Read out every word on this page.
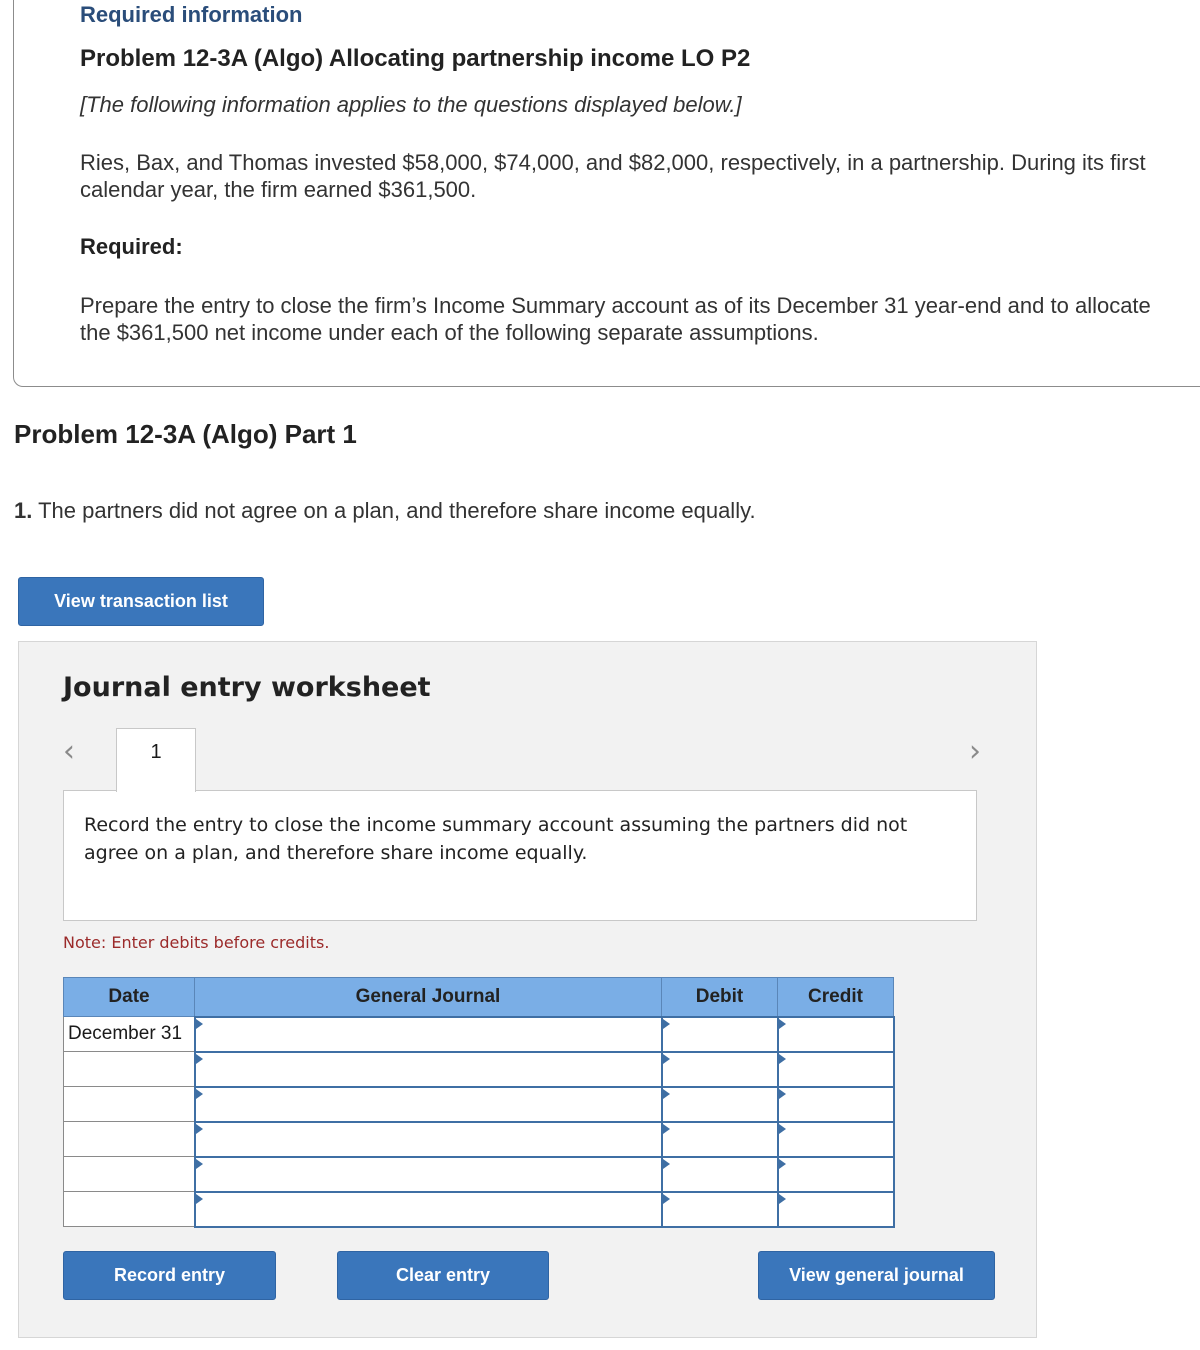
Required information
Problem 12-3A (Algo) Allocating partnership income LO P2
[The following information applies to the questions displayed below.]
Ries, Bax, and Thomas invested $58,000, $74,000, and $82,000, respectively, in a partnership. During its first calendar year, the firm earned $361,500.
Required:
Prepare the entry to close the firm’s Income Summary account as of its December 31 year-end and to allocate the $361,500 net income under each of the following separate assumptions.
Problem 12-3A (Algo) Part 1
1. The partners did not agree on a plan, and therefore share income equally.
View transaction list
Journal entry worksheet
‹	›
1
Record the entry to close the income summary account assuming the partners did not agree on a plan, and therefore share income equally.
Note: Enter debits before credits.
Date	General Journal	Debit	Credit
December 31	

Record entry	Clear entry	View general journal
